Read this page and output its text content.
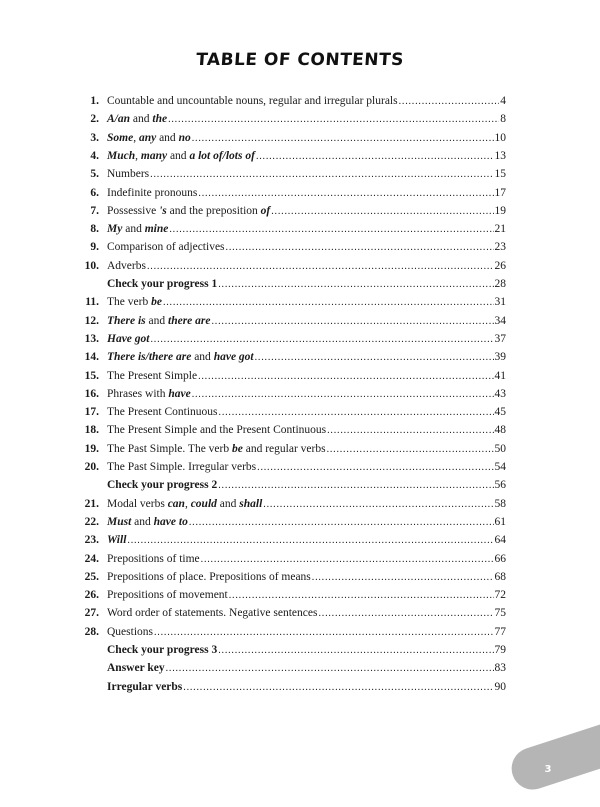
TABLE OF CONTENTS
1. Countable and uncountable nouns, regular and irregular plurals .....	4
2. A/an and the .....	8
3. Some, any and no .....	10
4. Much, many and a lot of/lots of .....	13
5. Numbers .....	15
6. Indefinite pronouns .....	17
7. Possessive 's and the preposition of .....	19
8. My and mine .....	21
9. Comparison of adjectives .....	23
10. Adverbs .....	26
Check your progress 1 .....	28
11. The verb be .....	31
12. There is and there are .....	34
13. Have got .....	37
14. There is/there are and have got .....	39
15. The Present Simple .....	41
16. Phrases with have .....	43
17. The Present Continuous .....	45
18. The Present Simple and the Present Continuous .....	48
19. The Past Simple. The verb be and regular verbs .....	50
20. The Past Simple. Irregular verbs .....	54
Check your progress 2 .....	56
21. Modal verbs can, could and shall .....	58
22. Must and have to .....	61
23. Will .....	64
24. Prepositions of time .....	66
25. Prepositions of place. Prepositions of means .....	68
26. Prepositions of movement .....	72
27. Word order of statements. Negative sentences .....	75
28. Questions .....	77
Check your progress 3 .....	79
Answer key .....	83
Irregular verbs .....	90
3
